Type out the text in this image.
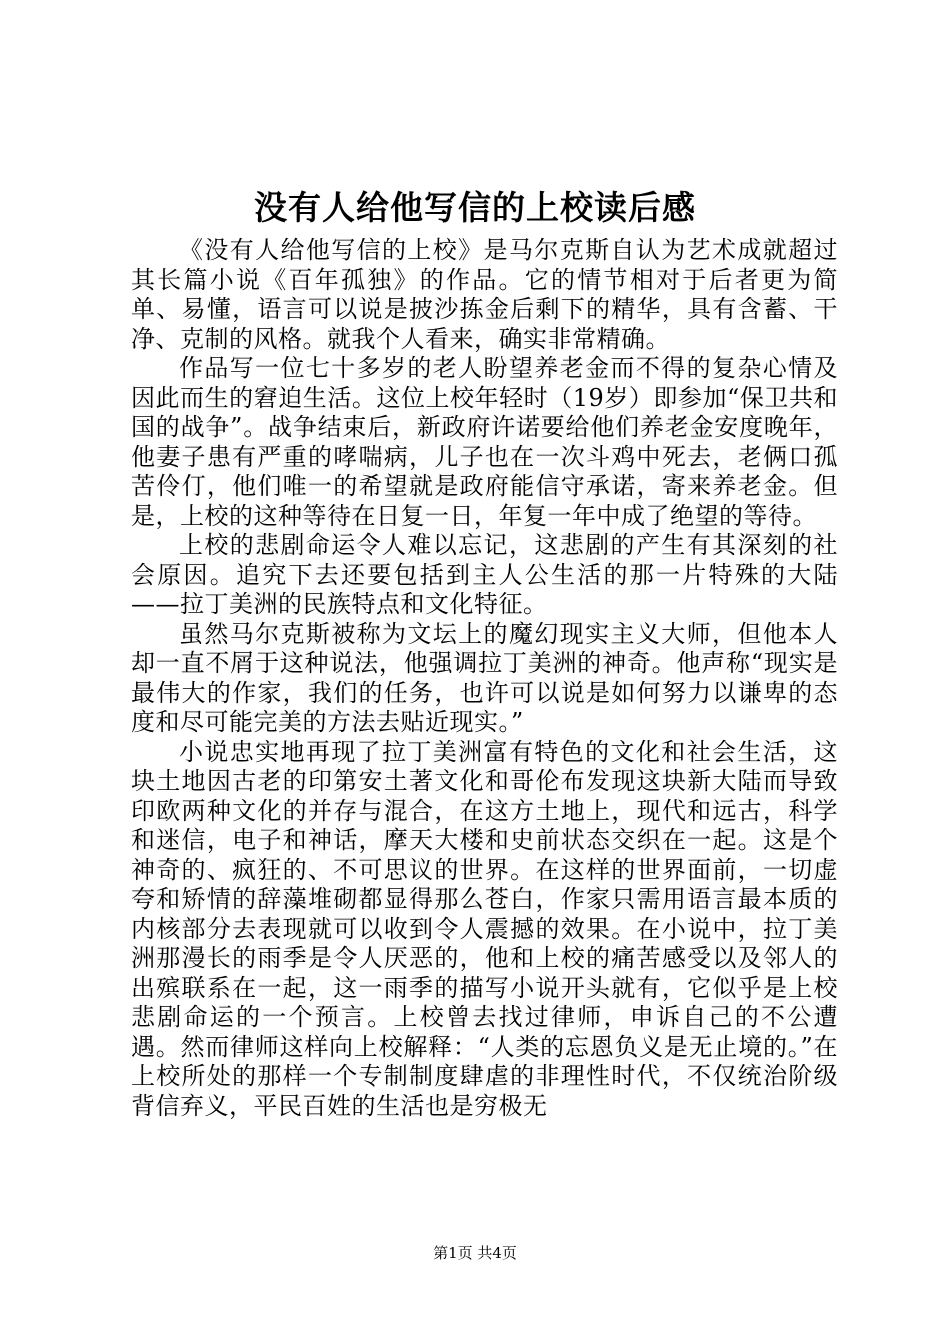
没有人给他写信的上校读后感

《没有人给他写信的上校》是马尔克斯自认为艺术成就超过其长篇小说《百年孤独》的作品。它的情节相对于后者更为简单、易懂，语言可以说是披沙拣金后剩下的精华，具有含蓄、干净、克制的风格。就我个人看来，确实非常精确。

作品写一位七十多岁的老人盼望养老金而不得的复杂心情及因此而生的窘迫生活。这位上校年轻时（19岁）即参加“保卫共和国的战争”。战争结束后，新政府许诺要给他们养老金安度晚年，他妻子患有严重的哮喘病，儿子也在一次斗鸡中死去，老俩口孤苦伶仃，他们唯一的希望就是政府能信守承诺，寄来养老金。但是，上校的这种等待在日复一日，年复一年中成了绝望的等待。

上校的悲剧命运令人难以忘记，这悲剧的产生有其深刻的社会原因。追究下去还要包括到主人公生活的那一片特殊的大陆——拉丁美洲的民族特点和文化特征。

虽然马尔克斯被称为文坛上的魔幻现实主义大师，但他本人却一直不屑于这种说法，他强调拉丁美洲的神奇。他声称“现实是最伟大的作家，我们的任务，也许可以说是如何努力以谦卑的态度和尽可能完美的方法去贴近现实。”

小说忠实地再现了拉丁美洲富有特色的文化和社会生活，这块土地因古老的印第安土著文化和哥伦布发现这块新大陆而导致印欧两种文化的并存与混合，在这方土地上，现代和远古，科学和迷信，电子和神话，摩天大楼和史前状态交织在一起。这是个神奇的、疯狂的、不可思议的世界。在这样的世界面前，一切虚夸和矫情的辞藻堆砌都显得那么苍白，作家只需用语言最本质的内核部分去表现就可以收到令人震撼的效果。在小说中，拉丁美洲那漫长的雨季是令人厌恶的，他和上校的痛苦感受以及邻人的出殡联系在一起，这一雨季的描写小说开头就有，它似乎是上校悲剧命运的一个预言。上校曾去找过律师，申诉自己的不公遭遇。然而律师这样向上校解释：“人类的忘恩负义是无止境的。”在上校所处的那样一个专制制度肆虐的非理性时代，不仅统治阶级背信弃义，平民百姓的生活也是穷极无

第1页 共4页
